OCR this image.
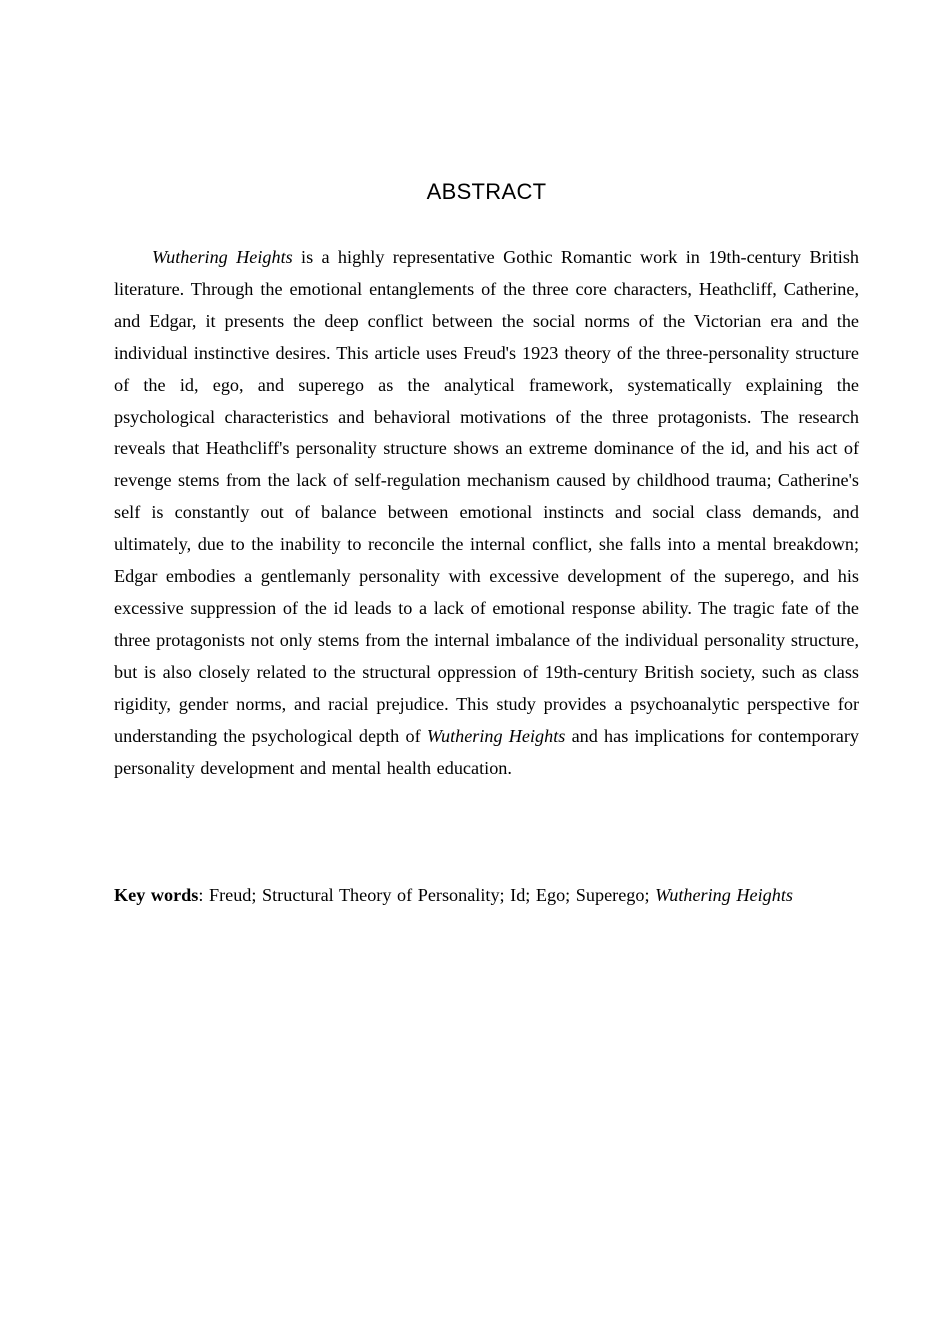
ABSTRACT

Wuthering Heights is a highly representative Gothic Romantic work in 19th-century British literature. Through the emotional entanglements of the three core characters, Heathcliff, Catherine, and Edgar, it presents the deep conflict between the social norms of the Victorian era and the individual instinctive desires. This article uses Freud's 1923 theory of the three-personality structure of the id, ego, and superego as the analytical framework, systematically explaining the psychological characteristics and behavioral motivations of the three protagonists. The research reveals that Heathcliff's personality structure shows an extreme dominance of the id, and his act of revenge stems from the lack of self-regulation mechanism caused by childhood trauma; Catherine's self is constantly out of balance between emotional instincts and social class demands, and ultimately, due to the inability to reconcile the internal conflict, she falls into a mental breakdown; Edgar embodies a gentlemanly personality with excessive development of the superego, and his excessive suppression of the id leads to a lack of emotional response ability. The tragic fate of the three protagonists not only stems from the internal imbalance of the individual personality structure, but is also closely related to the structural oppression of 19th-century British society, such as class rigidity, gender norms, and racial prejudice. This study provides a psychoanalytic perspective for understanding the psychological depth of Wuthering Heights and has implications for contemporary personality development and mental health education.

Key words: Freud; Structural Theory of Personality; Id; Ego; Superego; Wuthering Heights
